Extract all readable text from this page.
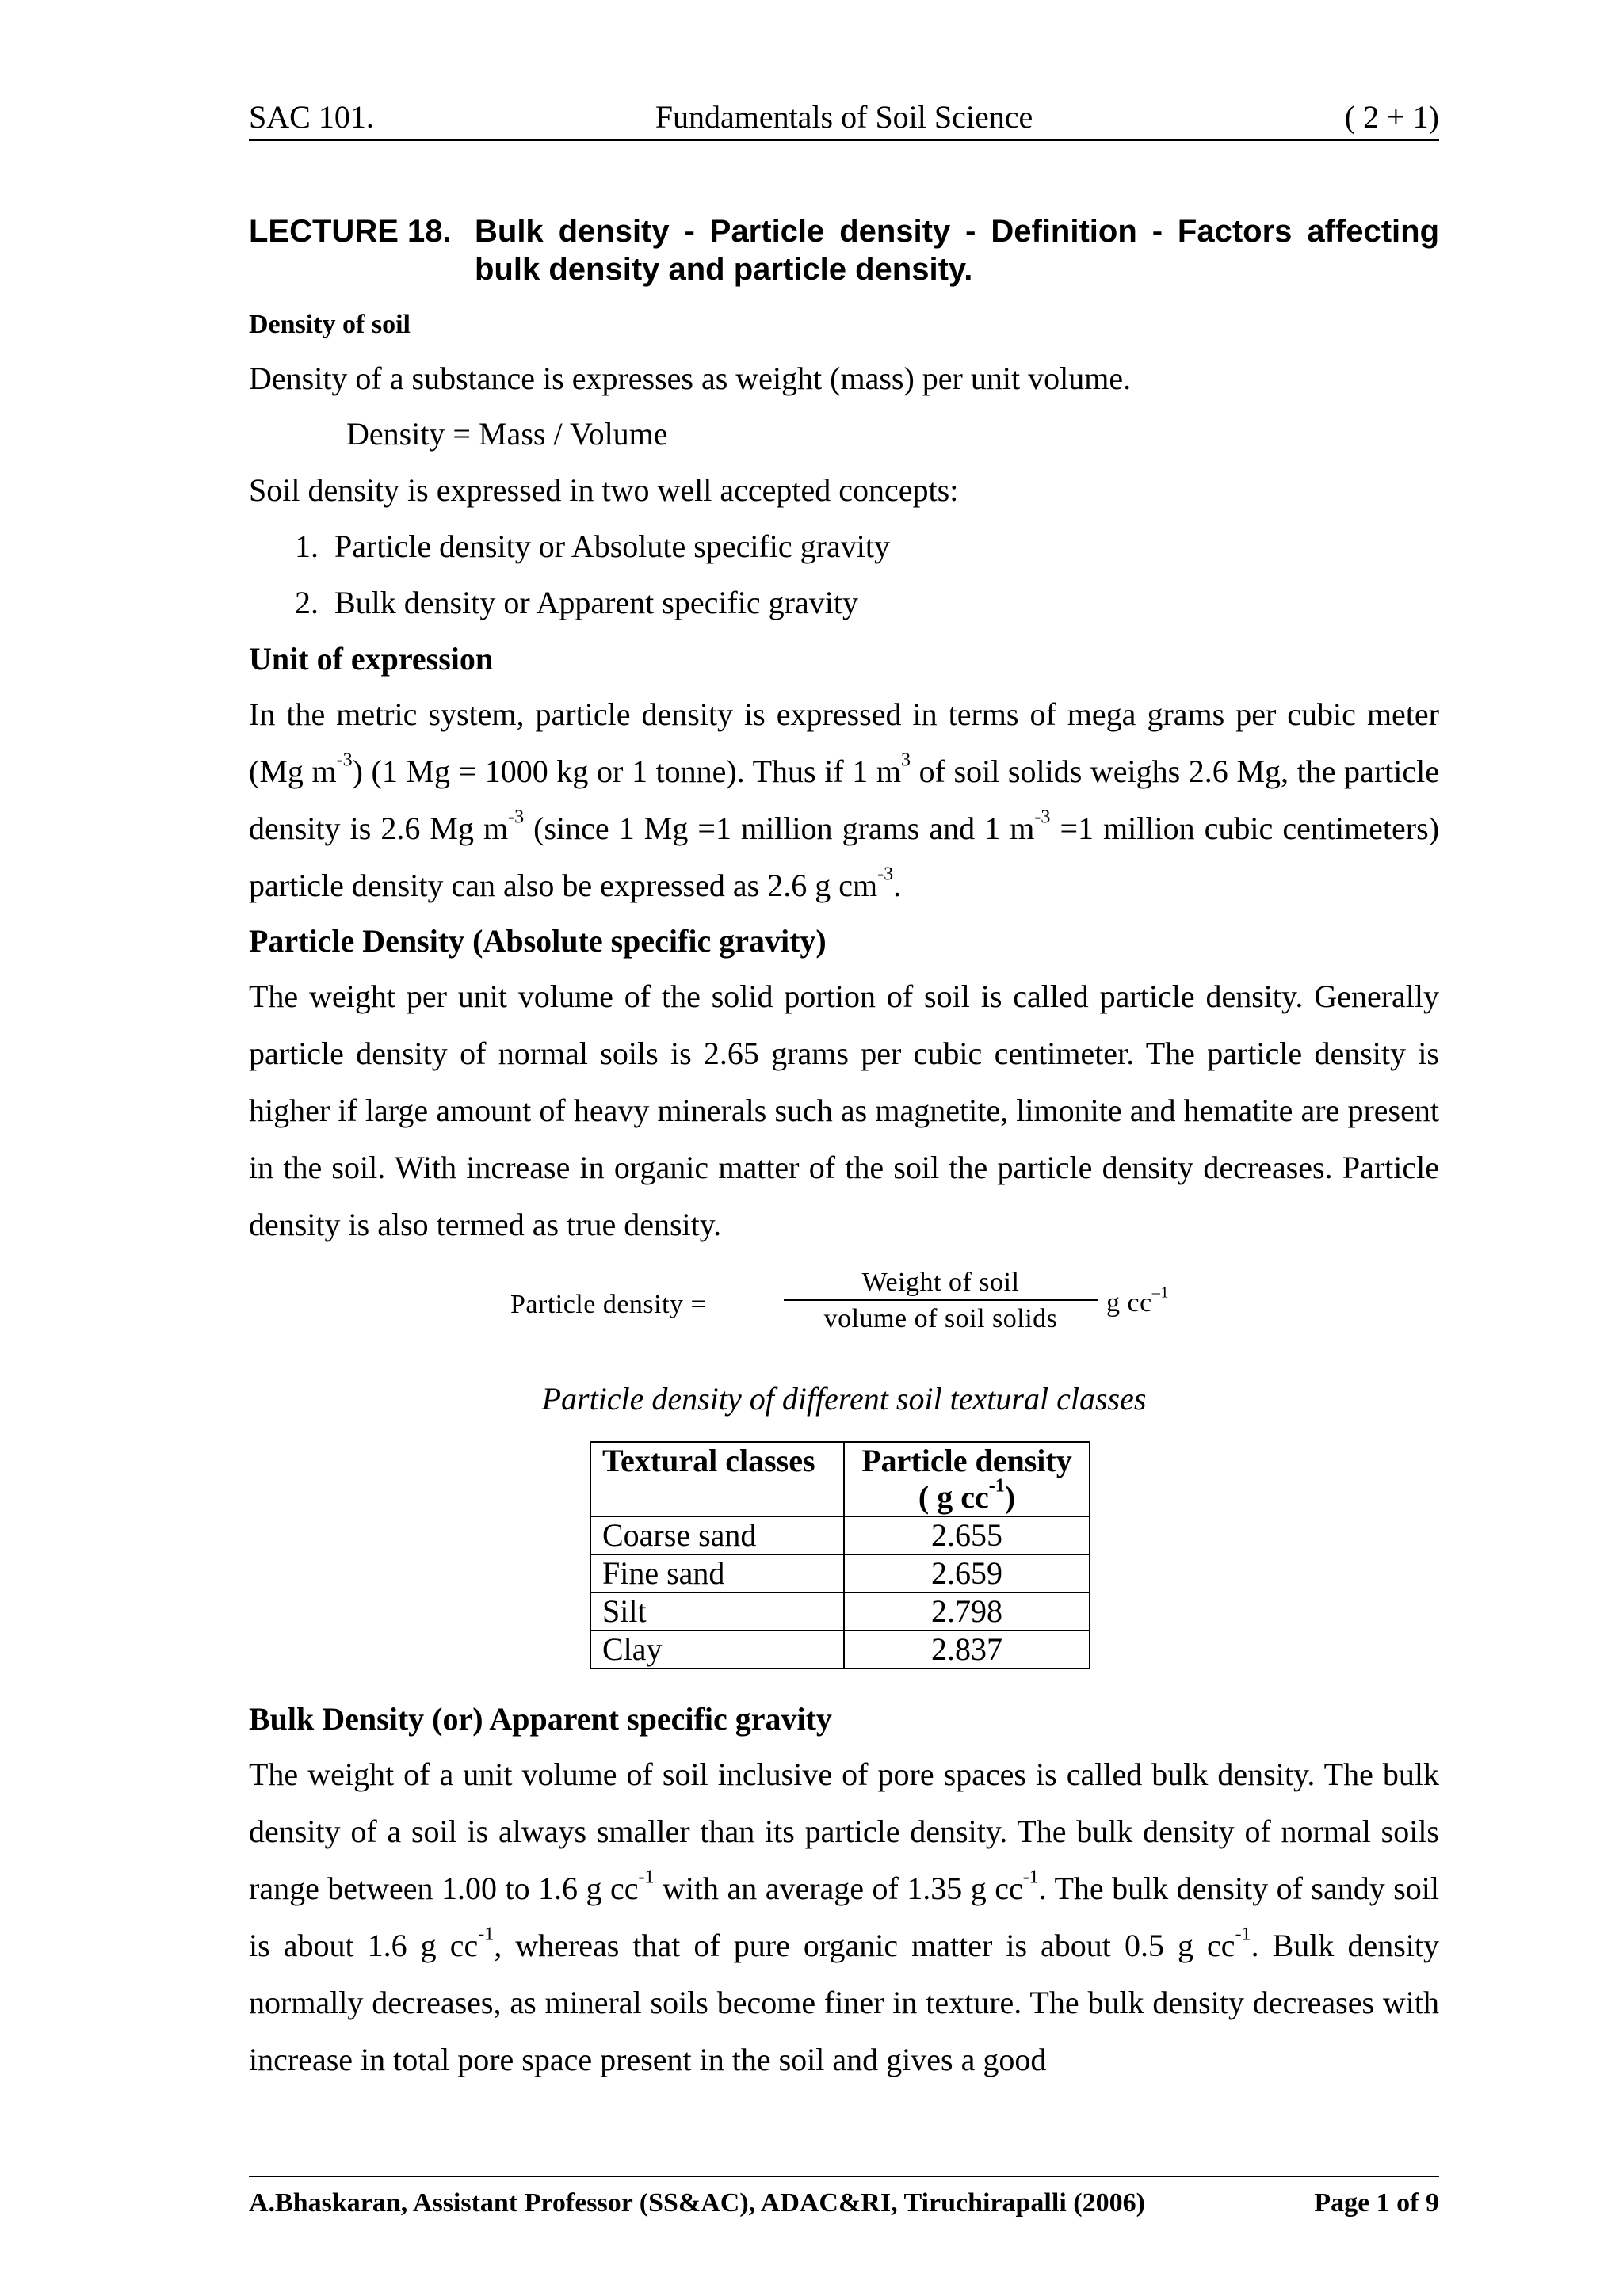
Fundamentals of Soil Science
SAC 101.	( 2 + 1)
LECTURE 18. Bulk density - Particle density - Definition - Factors affecting bulk density and particle density.
Density of soil
Density of a substance is expresses as weight (mass) per unit volume.
Density = Mass / Volume
Soil density is expressed in two well accepted concepts:
1.  Particle density or Absolute specific gravity
2.  Bulk density or Apparent specific gravity
Unit of expression
In the metric system, particle density is expressed in terms of mega grams per cubic meter (Mg $m^{-3}$) (1 Mg = 1000 kg or 1 tonne). Thus if 1 $m^3$ of soil solids weighs 2.6 Mg, the particle density is 2.6 Mg $m^{-3}$ (since 1 Mg =1 million grams and 1 $m^{-3} =1$ million cubic centimeters) particle density can also be expressed as 2.6 g $cm^{-3}$.
Particle Density (Absolute specific gravity)
The weight per unit volume of the solid portion of soil is called particle density. Generally particle density of normal soils is 2.65 grams per cubic centimeter. The particle density is higher if large amount of heavy minerals such as magnetite, limonite and hematite are present in the soil. With increase in organic matter of the soil the particle density decreases. Particle density is also termed as true density.
Particle density =
Weight of soil
volume of soil solids
g $cc^{-1}$
Particle density of different soil textural classes
Textural classes	Particle density
( g $cc^{-1}$)
Coarse sand	2.655
Fine sand	2.659
Silt	2.798
Clay	2.837
Bulk Density (or) Apparent specific gravity
The weight of a unit volume of soil inclusive of pore spaces is called bulk density. The bulk density of a soil is always smaller than its particle density. The bulk density of normal soils range between 1.00 to 1.6 g $cc^{-1}$ with an average of 1.35 g $cc^{-1}$. The bulk density of sandy soil is about 1.6 g $cc^{-1}$, whereas that of pure organic matter is about 0.5 g $cc^{-1}$. Bulk density normally decreases, as mineral soils become finer in texture. The bulk density decreases with increase in total pore space present in the soil and gives a good
A.Bhaskaran, Assistant Professor (SS&AC), ADAC&RI, Tiruchirapalli (2006)	Page 1 of 9
